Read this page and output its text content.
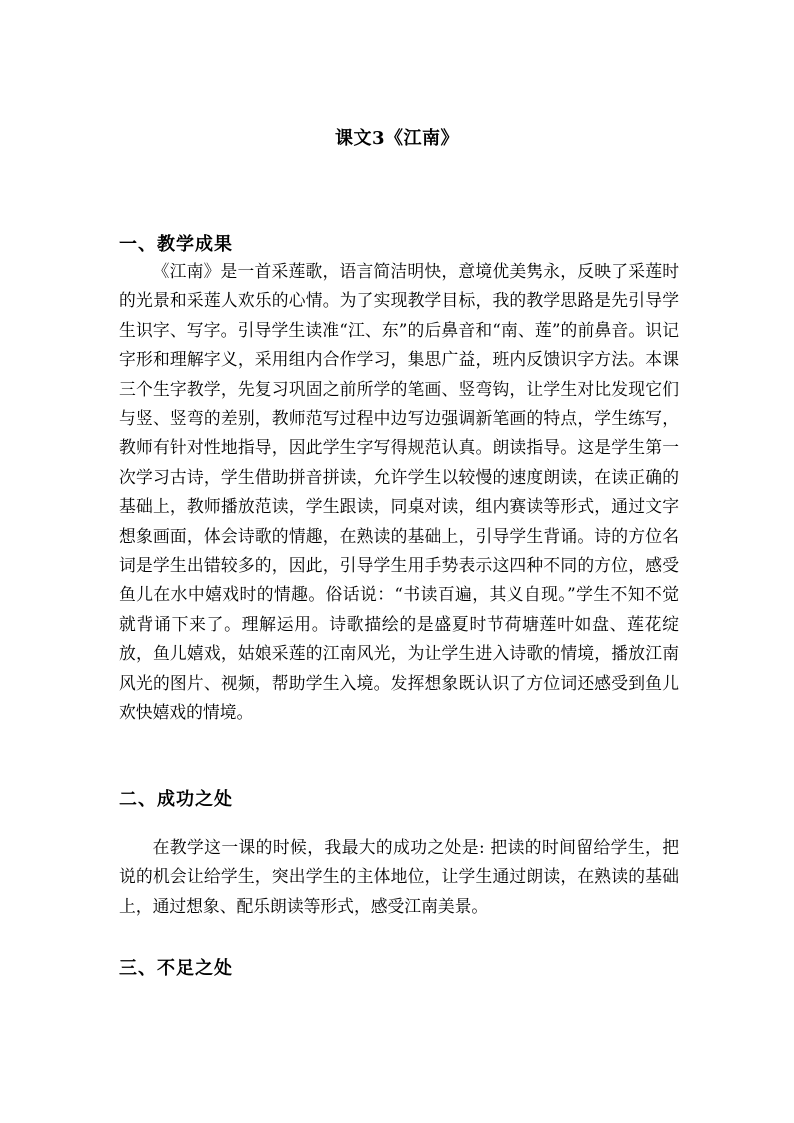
课文3《江南》
一、教学成果
《江南》是一首采莲歌，语言简洁明快，意境优美隽永，反映了采莲时的光景和采莲人欢乐的心情。为了实现教学目标，我的教学思路是先引导学生识字、写字。引导学生读准“江、东”的后鼻音和“南、莲”的前鼻音。识记字形和理解字义，采用组内合作学习，集思广益，班内反馈识字方法。本课三个生字教学，先复习巩固之前所学的笔画、竖弯钩，让学生对比发现它们与竖、竖弯的差别，教师范写过程中边写边强调新笔画的特点，学生练写，教师有针对性地指导，因此学生字写得规范认真。朗读指导。这是学生第一次学习古诗，学生借助拼音拼读，允许学生以较慢的速度朗读，在读正确的基础上，教师播放范读，学生跟读，同桌对读，组内赛读等形式，通过文字想象画面，体会诗歌的情趣，在熟读的基础上，引导学生背诵。诗的方位名词是学生出错较多的，因此，引导学生用手势表示这四种不同的方位，感受鱼儿在水中嬉戏时的情趣。俗话说：“书读百遍，其义自现。”学生不知不觉就背诵下来了。理解运用。诗歌描绘的是盛夏时节荷塘莲叶如盘、莲花绽放，鱼儿嬉戏，姑娘采莲的江南风光，为让学生进入诗歌的情境，播放江南风光的图片、视频，帮助学生入境。发挥想象既认识了方位词还感受到鱼儿欢快嬉戏的情境。
二、成功之处
在教学这一课的时候，我最大的成功之处是: 把读的时间留给学生，把说的机会让给学生，突出学生的主体地位，让学生通过朗读，在熟读的基础上，通过想象、配乐朗读等形式，感受江南美景。
三、不足之处
